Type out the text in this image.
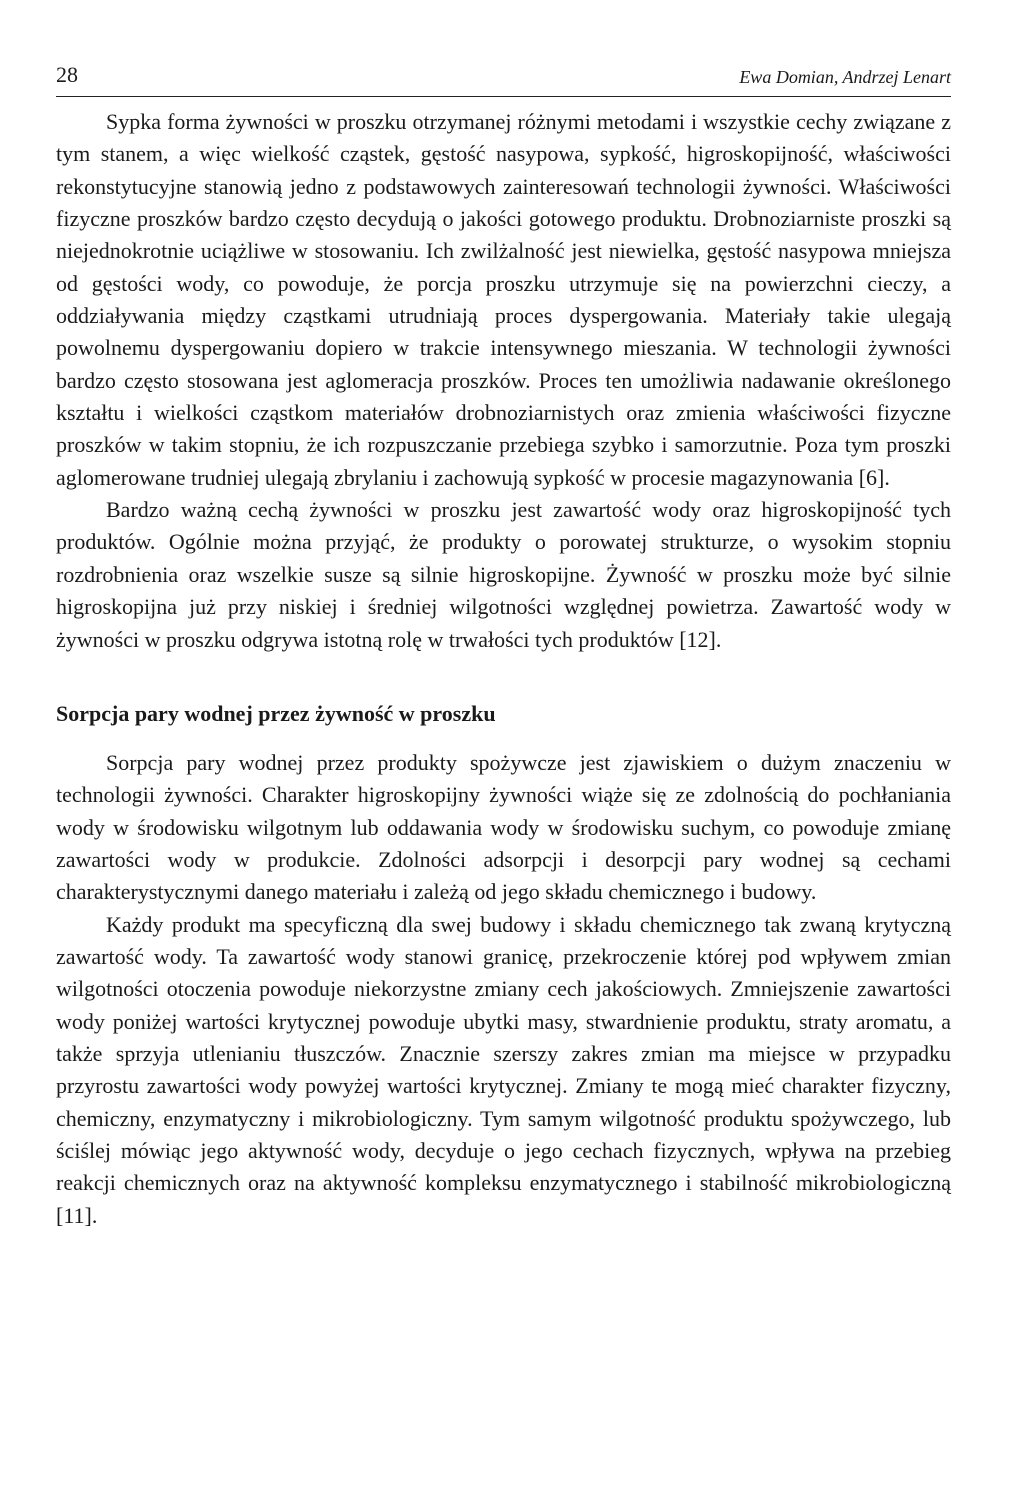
28	Ewa Domian, Andrzej Lenart

Sypka forma żywności w proszku otrzymanej różnymi metodami i wszystkie cechy związane z tym stanem, a więc wielkość cząstek, gęstość nasypowa, sypkość, higroskopijność, właściwości rekonstytucyjne stanowią jedno z podstawowych zainteresowań technologii żywności. Właściwości fizyczne proszków bardzo często decydują o jakości gotowego produktu. Drobnoziarniste proszki są niejednokrotnie uciążliwe w stosowaniu. Ich zwilżalność jest niewielka, gęstość nasypowa mniejsza od gęstości wody, co powoduje, że porcja proszku utrzymuje się na powierzchni cieczy, a oddziaływania między cząstkami utrudniają proces dyspergowania. Materiały takie ulegają powolnemu dyspergowaniu dopiero w trakcie intensywnego mieszania. W technologii żywności bardzo często stosowana jest aglomeracja proszków. Proces ten umożliwia nadawanie określonego kształtu i wielkości cząstkom materiałów drobnoziarnistych oraz zmienia właściwości fizyczne proszków w takim stopniu, że ich rozpuszczanie przebiega szybko i samorzutnie. Poza tym proszki aglomerowane trudniej ulegają zbrylaniu i zachowują sypkość w procesie magazynowania [6].

Bardzo ważną cechą żywności w proszku jest zawartość wody oraz higroskopijność tych produktów. Ogólnie można przyjąć, że produkty o porowatej strukturze, o wysokim stopniu rozdrobnienia oraz wszelkie susze są silnie higroskopijne. Żywność w proszku może być silnie higroskopijna już przy niskiej i średniej wilgotności względnej powietrza. Zawartość wody w żywności w proszku odgrywa istotną rolę w trwałości tych produktów [12].

Sorpcja pary wodnej przez żywność w proszku

Sorpcja pary wodnej przez produkty spożywcze jest zjawiskiem o dużym znaczeniu w technologii żywności. Charakter higroskopijny żywności wiąże się ze zdolnością do pochłaniania wody w środowisku wilgotnym lub oddawania wody w środowisku suchym, co powoduje zmianę zawartości wody w produkcie. Zdolności adsorpcji i desorpcji pary wodnej są cechami charakterystycznymi danego materiału i zależą od jego składu chemicznego i budowy.

Każdy produkt ma specyficzną dla swej budowy i składu chemicznego tak zwaną krytyczną zawartość wody. Ta zawartość wody stanowi granicę, przekroczenie której pod wpływem zmian wilgotności otoczenia powoduje niekorzystne zmiany cech jakościowych. Zmniejszenie zawartości wody poniżej wartości krytycznej powoduje ubytki masy, stwardnienie produktu, straty aromatu, a także sprzyja utlenianiu tłuszczów. Znacznie szerszy zakres zmian ma miejsce w przypadku przyrostu zawartości wody powyżej wartości krytycznej. Zmiany te mogą mieć charakter fizyczny, chemiczny, enzymatyczny i mikrobiologiczny. Tym samym wilgotność produktu spożywczego, lub ściślej mówiąc jego aktywność wody, decyduje o jego cechach fizycznych, wpływa na przebieg reakcji chemicznych oraz na aktywność kompleksu enzymatycznego i stabilność mikrobiologiczną [11].
